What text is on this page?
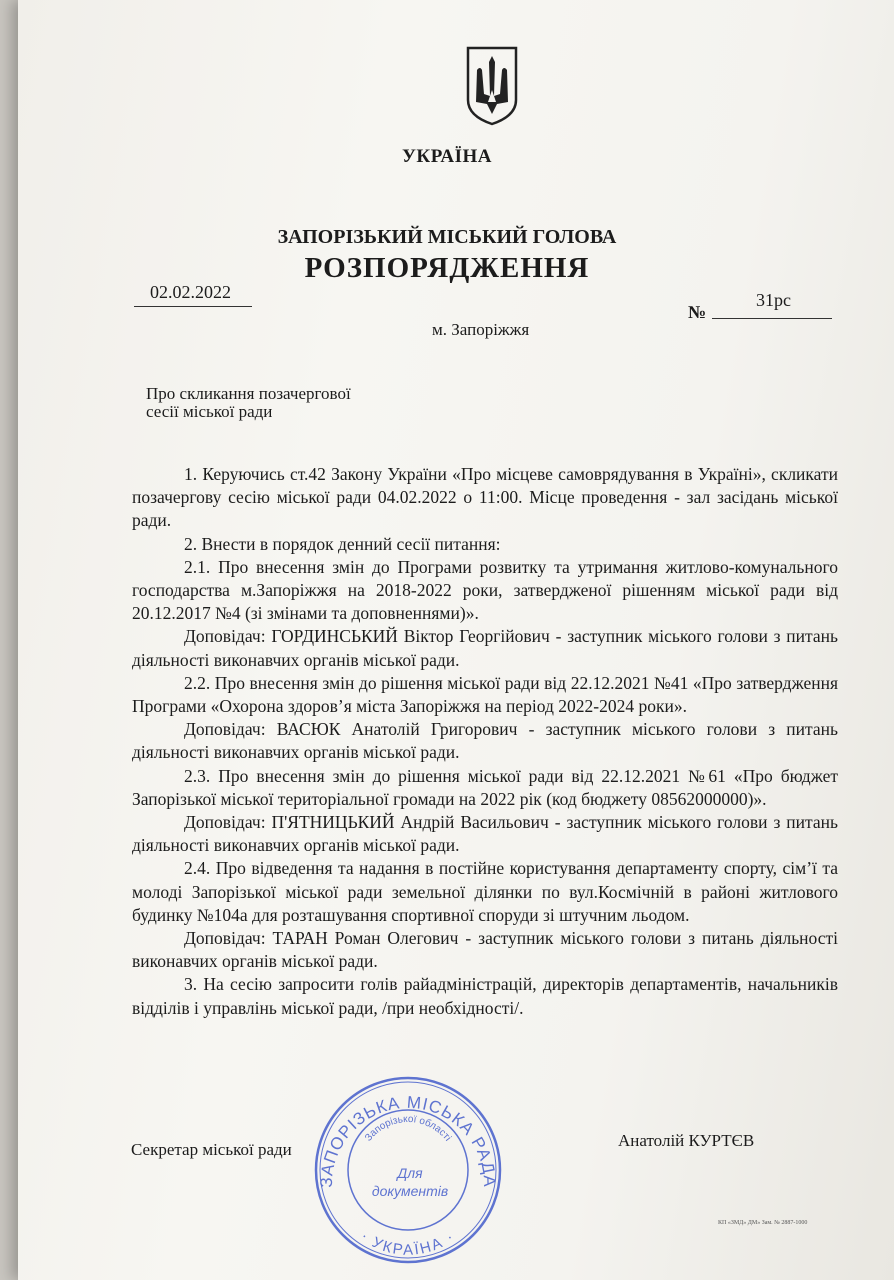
УКРАЇНА
ЗАПОРІЗЬКИЙ МІСЬКИЙ ГОЛОВА
РОЗПОРЯДЖЕННЯ
02.02.2022
№
31рс
м. Запоріжжя
Про скликання позачергової
сесії міської ради

1. Керуючись ст.42 Закону України «Про місцеве самоврядування в Україні», скликати позачергову сесію міської ради 04.02.2022 о 11:00. Місце проведення - зал засідань міської ради.

2. Внести в порядок денний сесії питання:

2.1. Про внесення змін до Програми розвитку та утримання житлово-комунального господарства м.Запоріжжя на 2018-2022 роки, затвердженої рішенням міської ради від 20.12.2017 №4 (зі змінами та доповненнями)».

Доповідач: ГОРДИНСЬКИЙ Віктор Георгійович - заступник міського голови з питань діяльності виконавчих органів міської ради.

2.2. Про внесення змін до рішення міської ради від 22.12.2021 №41 «Про затвердження Програми «Охорона здоров’я міста Запоріжжя на період 2022-2024 роки».

Доповідач: ВАСЮК Анатолій Григорович - заступник міського голови з питань діяльності виконавчих органів міської ради.

2.3. Про внесення змін до рішення міської ради від 22.12.2021 №61 «Про бюджет Запорізької міської територіальної громади на 2022 рік (код бюджету 08562000000)».

Доповідач: П'ЯТНИЦЬКИЙ Андрій Васильович - заступник міського голови з питань діяльності виконавчих органів міської ради.

2.4. Про відведення та надання в постійне користування департаменту спорту, сім’ї та молоді Запорізької міської ради земельної ділянки по вул.Космічній в районі житлового будинку №104а для розташування спортивної споруди зі штучним льодом.

Доповідач: ТАРАН Роман Олегович - заступник міського голови з питань діяльності виконавчих органів міської ради.

3. На сесію запросити голів райадміністрацій, директорів департаментів, начальників відділів і управлінь міської ради, /при необхідності/.

Секретар міської ради	Анатолій КУРТЄВ
ЗАПОРІЗЬКА МІСЬКА РАДА
· УКРАЇНА ·
Запорізької області
Для
документів
КП «ЗМД» ДМ» Зам. № 2887-1000
